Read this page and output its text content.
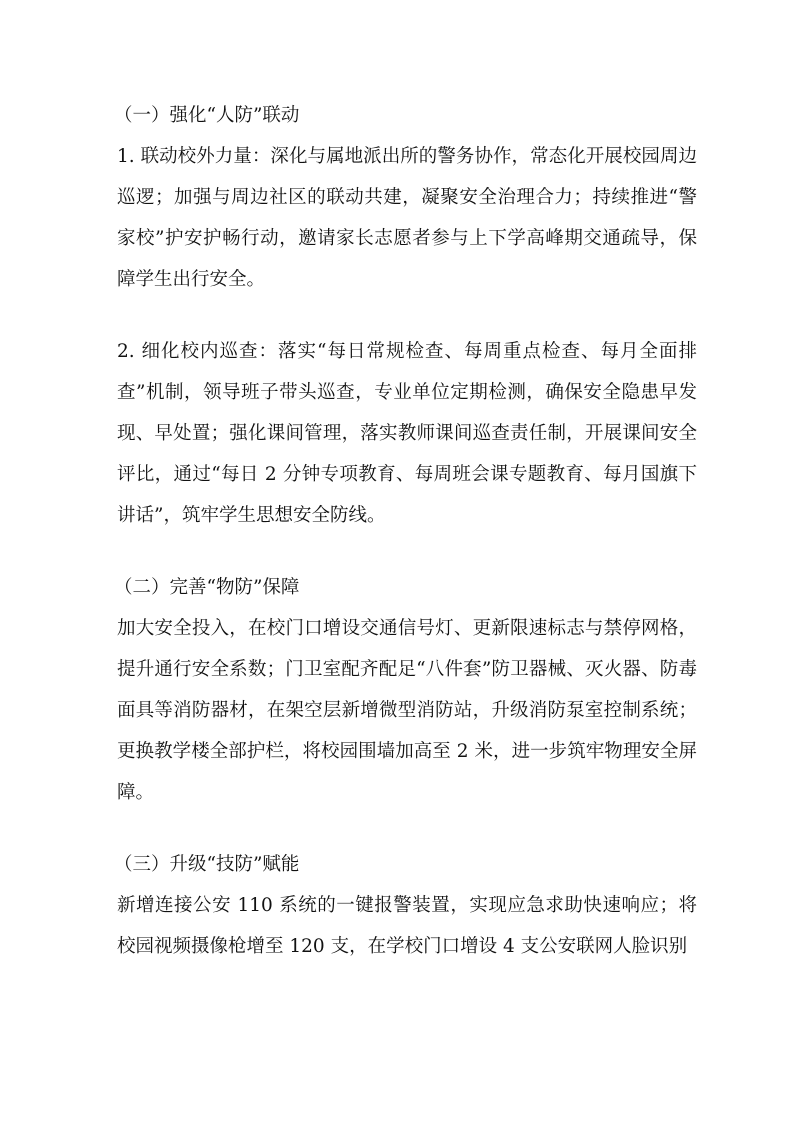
（一）强化“人防”联动

1. 联动校外力量：深化与属地派出所的警务协作，常态化开展校园周边巡逻；加强与周边社区的联动共建，凝聚安全治理合力；持续推进“警家校”护安护畅行动，邀请家长志愿者参与上下学高峰期交通疏导，保障学生出行安全。

2. 细化校内巡查：落实“每日常规检查、每周重点检查、每月全面排查”机制，领导班子带头巡查，专业单位定期检测，确保安全隐患早发现、早处置；强化课间管理，落实教师课间巡查责任制，开展课间安全评比，通过“每日 2 分钟专项教育、每周班会课专题教育、每月国旗下讲话”，筑牢学生思想安全防线。

（二）完善“物防”保障

加大安全投入，在校门口增设交通信号灯、更新限速标志与禁停网格，提升通行安全系数；门卫室配齐配足“八件套”防卫器械、灭火器、防毒面具等消防器材，在架空层新增微型消防站，升级消防泵室控制系统；更换教学楼全部护栏，将校园围墙加高至 2 米，进一步筑牢物理安全屏障。

（三）升级“技防”赋能

新增连接公安 110 系统的一键报警装置，实现应急求助快速响应；将校园视频摄像枪增至 120 支，在学校门口增设 4 支公安联网人脸识别
